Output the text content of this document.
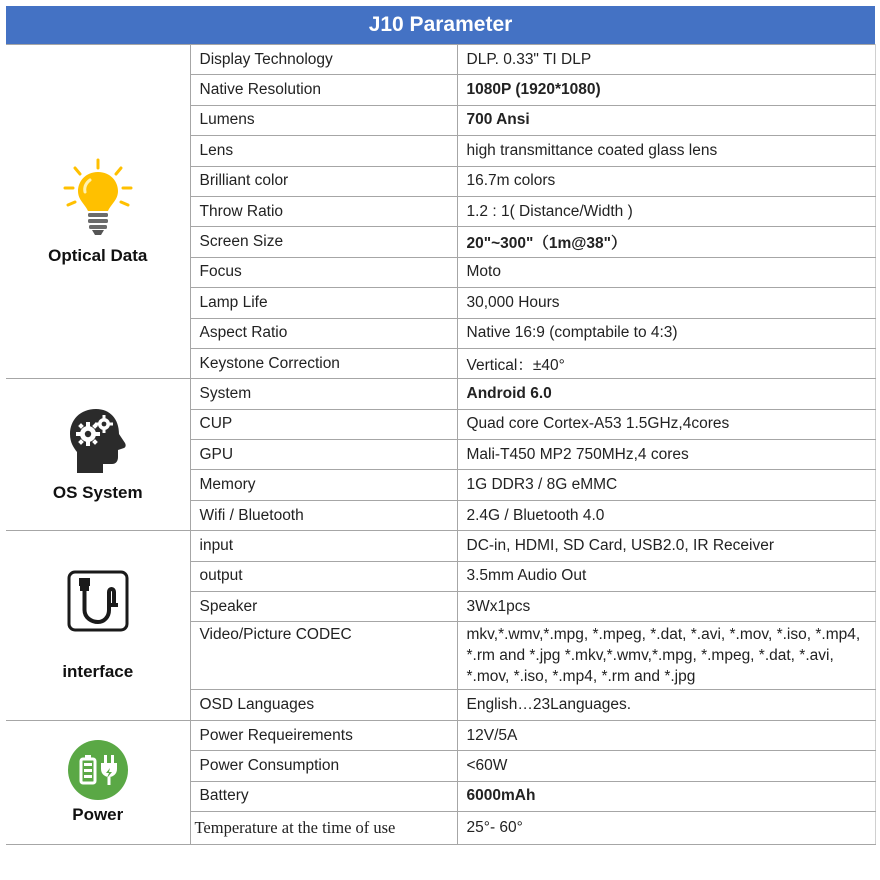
J10 Parameter
Optical Data	Display Technology	DLP. 0.33" TI DLP
	Native Resolution	1080P (1920*1080)
	Lumens	700 Ansi
	Lens	high transmittance coated glass lens
	Brilliant color	16.7m colors
	Throw Ratio	1.2 : 1( Distance/Width )
	Screen Size	20"~300"（1m@38"）
	Focus	Moto
	Lamp Life	30,000 Hours
	Aspect Ratio	Native 16:9 (comptabile to 4:3)
	Keystone Correction	Vertical：±40°

OS System	System	Android 6.0
	CUP	Quad core Cortex-A53 1.5GHz,4cores
	GPU	Mali-T450 MP2 750MHz,4 cores
	Memory	1G DDR3 / 8G eMMC
	Wifi / Bluetooth	2.4G / Bluetooth 4.0

interface	input	DC-in, HDMI, SD Card, USB2.0, IR Receiver
	output	3.5mm Audio Out
	Speaker	3Wx1pcs
	Video/Picture CODEC	mkv,*.wmv,*.mpg, *.mpeg, *.dat, *.avi, *.mov, *.iso, *.mp4, *.rm and *.jpg *.mkv,*.wmv,*.mpg, *.mpeg, *.dat, *.avi, *.mov, *.iso, *.mp4, *.rm and *.jpg
	OSD Languages	English…23Languages.

Power	Power Requeirements	12V/5A
	Power Consumption	<60W
	Battery	6000mAh
	Temperature at the time of use	25°- 60°
